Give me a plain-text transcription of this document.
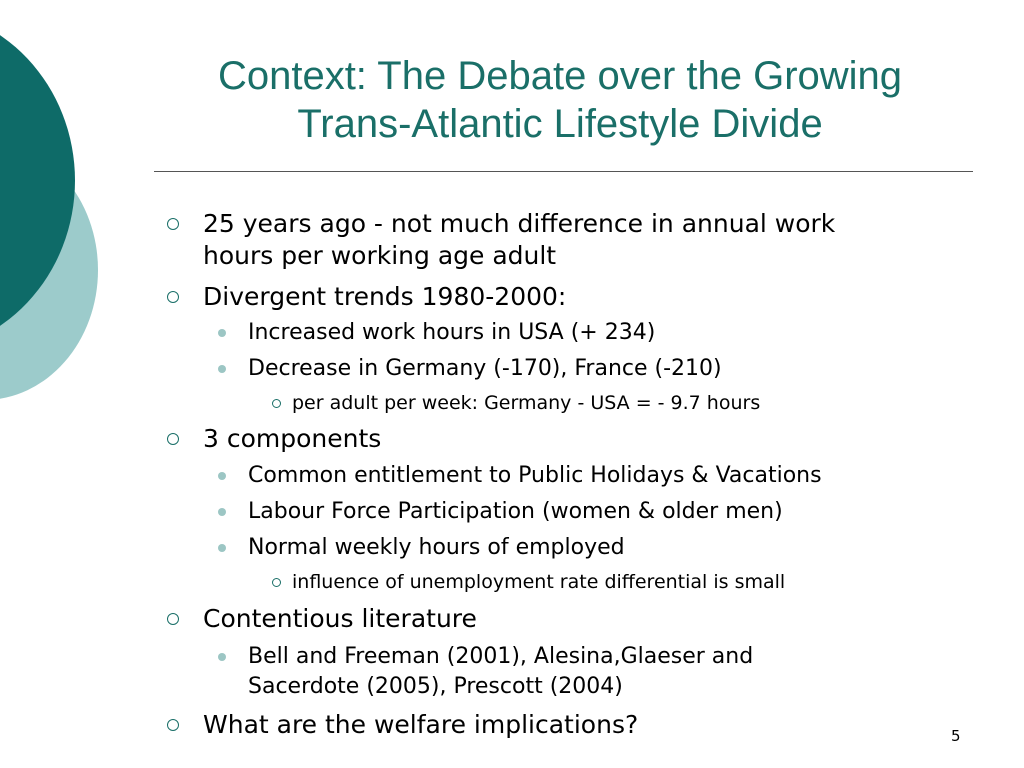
Context: The Debate over the Growing
Trans-Atlantic Lifestyle Divide
25 years ago - not much difference in annual work
hours per working age adult
Divergent trends 1980-2000:
Increased work hours in USA (+ 234)
Decrease in Germany (-170), France (-210)
per adult per week: Germany - USA = - 9.7 hours
3 components
Common entitlement to Public Holidays & Vacations
Labour Force Participation (women & older men)
Normal weekly hours of employed
influence of unemployment rate differential is small
Contentious literature
Bell and Freeman (2001), Alesina,Glaeser and
Sacerdote (2005), Prescott (2004)
What are the welfare implications?	5
